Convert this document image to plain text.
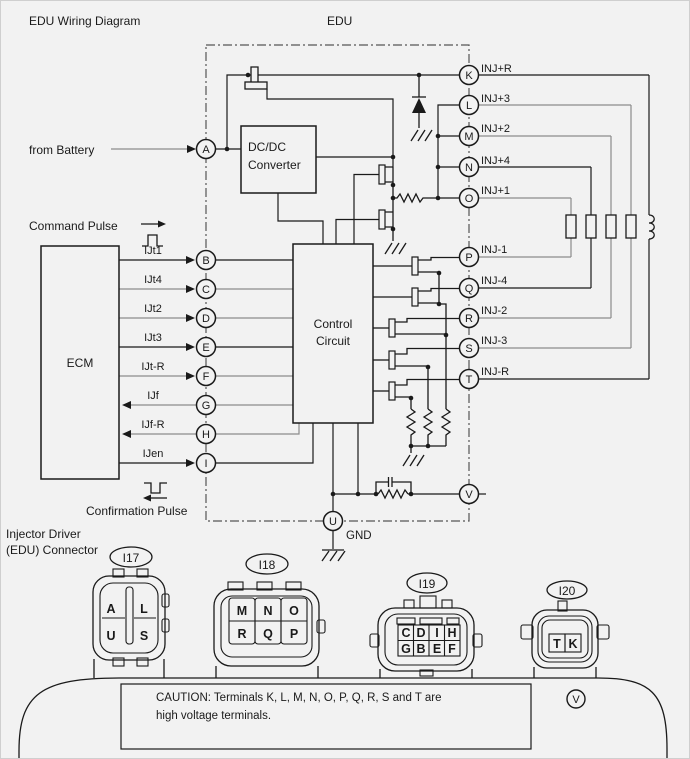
EDU Wiring Diagram	EDU
ECM
DC/DC
Converter
Control
Circuit
A
B
C
D
E
F
G
H
I
K
L
M
N
O
P
Q
R
S
T
V
U
IJt1
IJt4
IJt2
IJt3
IJt-R
IJf
IJf-R
IJen
INJ+R
INJ+3
INJ+2
INJ+4
INJ+1
INJ-1
INJ-4
INJ-2
INJ-3
INJ-R
from Battery
Command Pulse
Confirmation Pulse
GND
Injector Driver
(EDU) Connector
I17
A L
U S
I18
M N O
R Q P
I19
C D I H
G B E F
I20
T K
CAUTION: Terminals K, L, M, N, O, P, Q, R, S and T are
high voltage terminals.
V
